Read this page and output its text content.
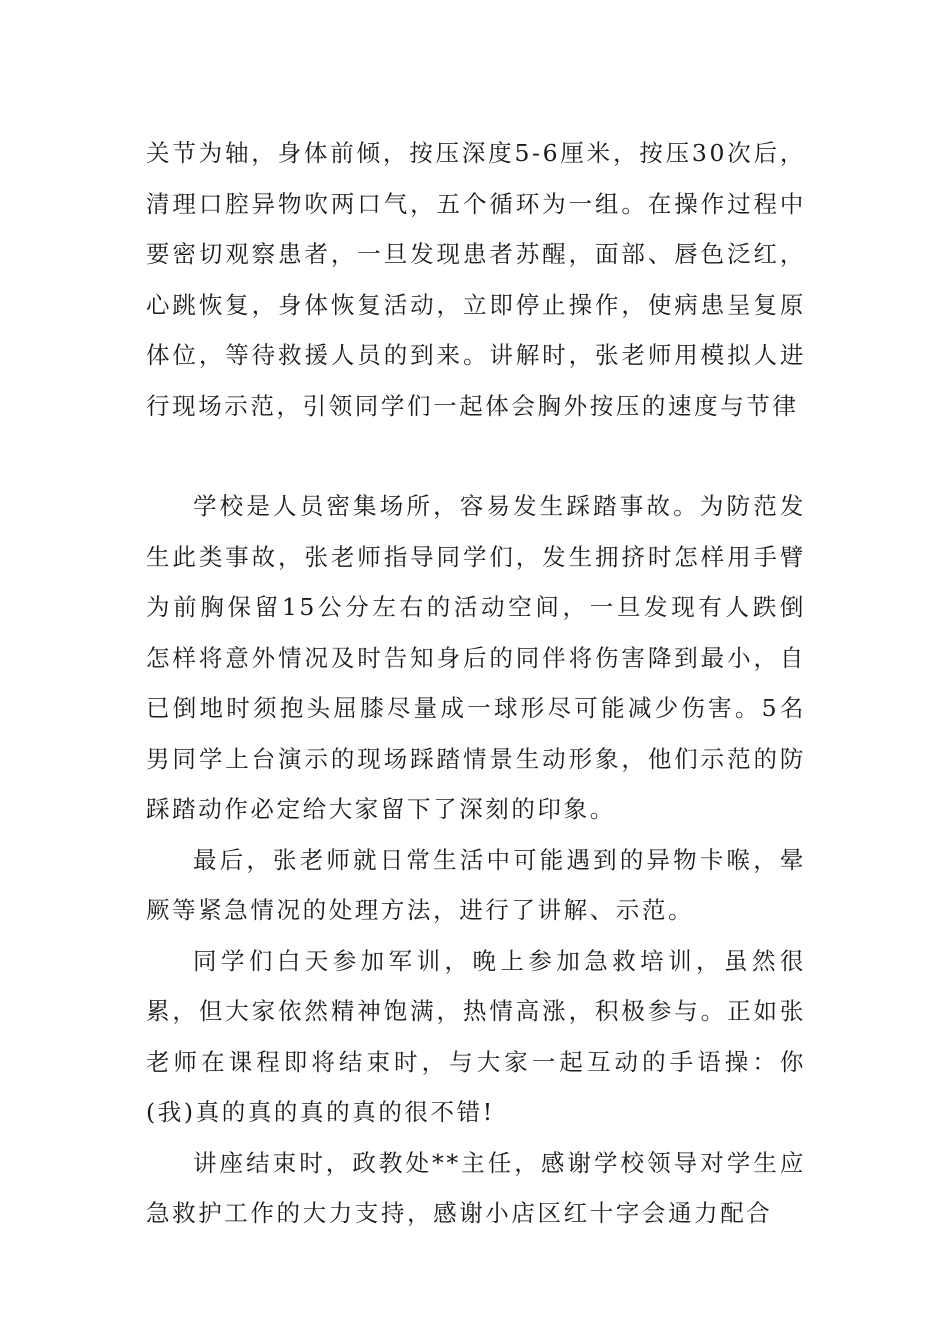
关节为轴，身体前倾，按压深度5-6厘米，按压30次后，清理口腔异物吹两口气，五个循环为一组。在操作过程中要密切观察患者，一旦发现患者苏醒，面部、唇色泛红，心跳恢复，身体恢复活动，立即停止操作，使病患呈复原体位，等待救援人员的到来。讲解时，张老师用模拟人进行现场示范，引领同学们一起体会胸外按压的速度与节律

学校是人员密集场所，容易发生踩踏事故。为防范发生此类事故，张老师指导同学们，发生拥挤时怎样用手臂为前胸保留15公分左右的活动空间，一旦发现有人跌倒怎样将意外情况及时告知身后的同伴将伤害降到最小，自已倒地时须抱头屈膝尽量成一球形尽可能减少伤害。5名男同学上台演示的现场踩踏情景生动形象，他们示范的防踩踏动作必定给大家留下了深刻的印象。

最后，张老师就日常生活中可能遇到的异物卡喉，晕厥等紧急情况的处理方法，进行了讲解、示范。

同学们白天参加军训，晚上参加急救培训，虽然很累，但大家依然精神饱满，热情高涨，积极参与。正如张老师在课程即将结束时，与大家一起互动的手语操：你(我)真的真的真的真的很不错!

讲座结束时，政教处**主任，感谢学校领导对学生应急救护工作的大力支持，感谢小店区红十字会通力配合
